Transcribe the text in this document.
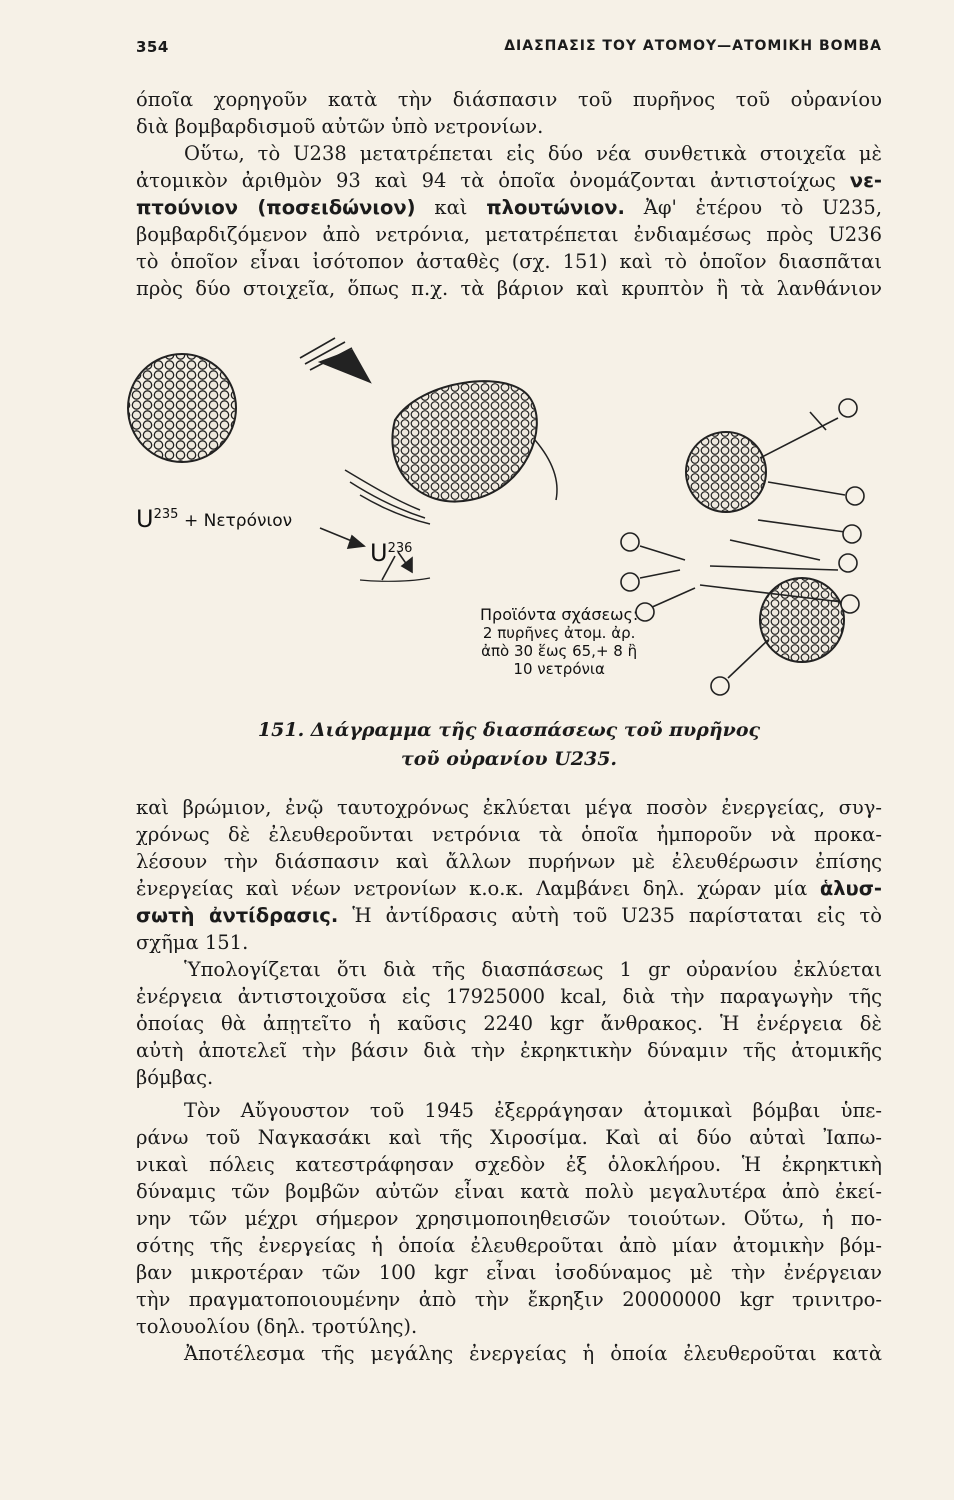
354	ΔΙΑΣΠΑΣΙΣ ΤΟΥ ΑΤΟΜΟΥ—ΑΤΟΜΙΚΗ ΒΟΜΒΑ
όποῖα χορηγοῦν κατὰ τὴν διάσπασιν τοῦ πυρῆνος τοῦ οὐρανίου
διὰ βομβαρδισμοῦ αὐτῶν ὑπὸ νετρονίων.
Οὕτω, τὸ U238 μετατρέπεται εἰς δύο νέα συνθετικὰ στοιχεῖα μὲ
ἀτομικὸν ἀριθμὸν 93 καὶ 94 τὰ ὁποῖα ὀνομάζονται ἀντιστοίχως νε-
πτούνιον (ποσειδώνιον) καὶ πλουτώνιον. Ἀφ' ἑτέρου τὸ U235,
βομβαρδιζόμενον ἀπὸ νετρόνια, μετατρέπεται ἐνδιαμέσως πρὸς U236
τὸ ὁποῖον εἶναι ἰσότοπον ἀσταθὲς (σχ. 151) καὶ τὸ ὁποῖον διασπᾶται
πρὸς δύο στοιχεῖα, ὅπως π.χ. τὰ βάριον καὶ κρυπτὸν ἢ τὰ λανθάνιον
$U^{235} + N\varepsilon\tau\rho ό\nu\iota o\nu$
$U^{236}$
Προϊόντα σχάσεως:
2 πυρῆνες ἀτομ. ἀρ.
ἀπὸ 30 ἕως 65,+ 8 ἢ
10 νετρόνια
151. Διάγραμμα τῆς διασπάσεως τοῦ πυρῆνος
τοῦ οὐρανίου U235.
καὶ βρώμιον, ἐνῷ ταυτοχρόνως ἐκλύεται μέγα ποσὸν ἐνεργείας, συγ-
χρόνως δὲ ἐλευθεροῦνται νετρόνια τὰ ὁποῖα ἠμποροῦν νὰ προκα-
λέσουν τὴν διάσπασιν καὶ ἄλλων πυρήνων μὲ ἐλευθέρωσιν ἐπίσης
ἐνεργείας καὶ νέων νετρονίων κ.ο.κ. Λαμβάνει δηλ. χώραν μία ἁλυσ-
σωτὴ ἀντίδρασις. Ἡ ἀντίδρασις αὐτὴ τοῦ U235 παρίσταται εἰς τὸ
σχῆμα 151.
Ὑπολογίζεται ὅτι διὰ τῆς διασπάσεως 1 gr οὐρανίου ἐκλύεται
ἐνέργεια ἀντιστοιχοῦσα εἰς 17925000 kcal, διὰ τὴν παραγωγὴν τῆς
ὁποίας θὰ ἀπῃτεῖτο ἡ καῦσις 2240 kgr ἄνθρακος. Ἡ ἐνέργεια δὲ
αὐτὴ ἀποτελεῖ τὴν βάσιν διὰ τὴν ἐκρηκτικὴν δύναμιν τῆς ἀτομικῆς
βόμβας.
Τὸν Αὔγουστον τοῦ 1945 ἐξερράγησαν ἀτομικαὶ βόμβαι ὑπε-
ράνω τοῦ Ναγκασάκι καὶ τῆς Χιροσίμα. Καὶ αἱ δύο αὐταὶ Ἰαπω-
νικαὶ πόλεις κατεστράφησαν σχεδὸν ἐξ ὁλοκλήρου. Ἡ ἐκρηκτικὴ
δύναμις τῶν βομβῶν αὐτῶν εἶναι κατὰ πολὺ μεγαλυτέρα ἀπὸ ἐκεί-
νην τῶν μέχρι σήμερον χρησιμοποιηθεισῶν τοιούτων. Οὕτω, ἡ πο-
σότης τῆς ἐνεργείας ἡ ὁποία ἐλευθεροῦται ἀπὸ μίαν ἀτομικὴν βόμ-
βαν μικροτέραν τῶν 100 kgr εἶναι ἰσοδύναμος μὲ τὴν ἐνέργειαν
τὴν πραγματοποιουμένην ἀπὸ τὴν ἔκρηξιν 20000000 kgr τρινιτρο-
τολουολίου (δηλ. τροτύλης).
Ἀποτέλεσμα τῆς μεγάλης ἐνεργείας ἡ ὁποία ἐλευθεροῦται κατὰ
